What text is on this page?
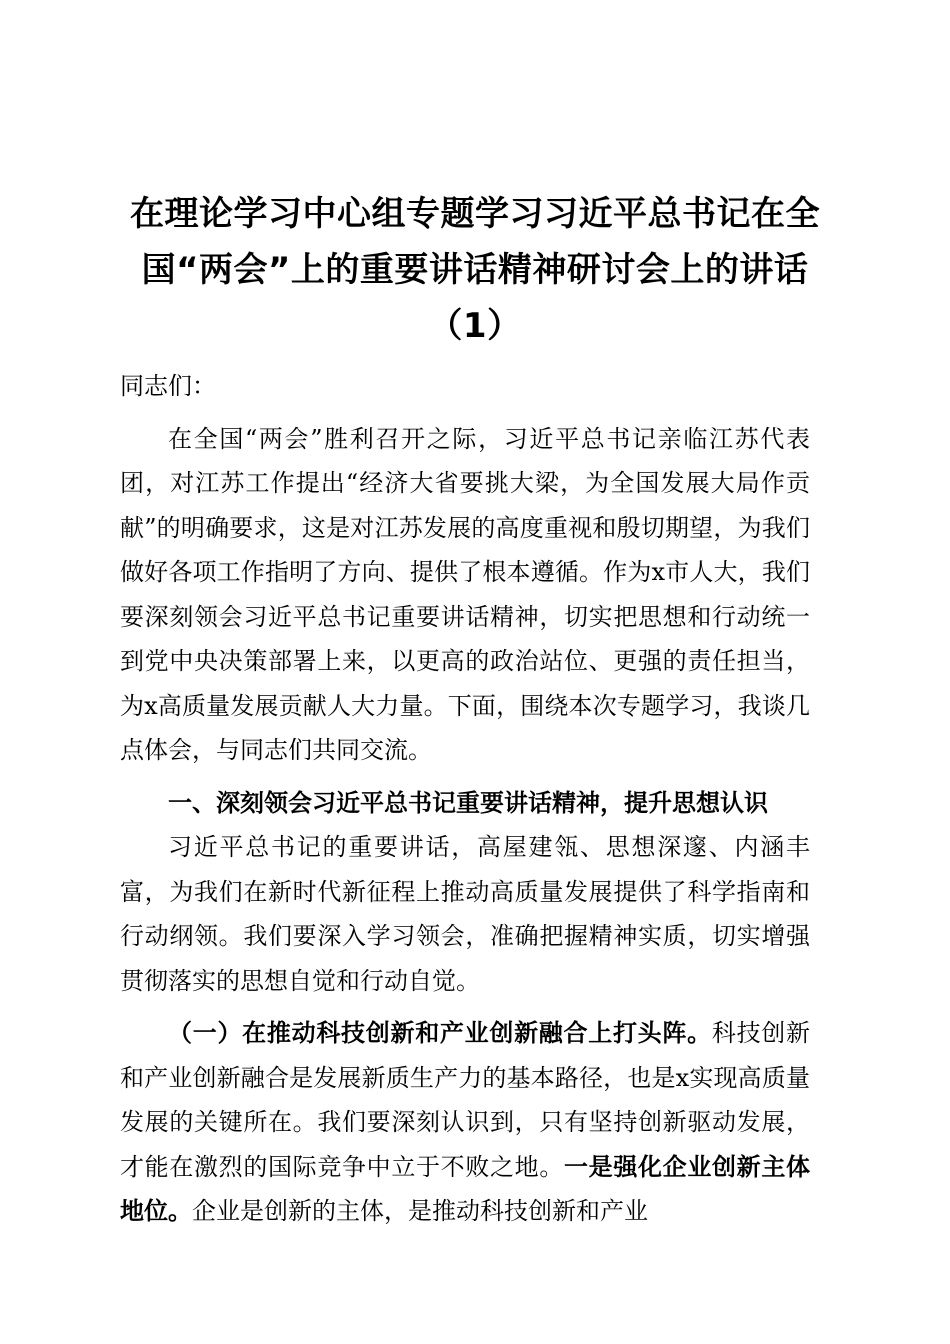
在理论学习中心组专题学习习近平总书记在全
国“两会”上的重要讲话精神研讨会上的讲话
（1）

同志们：

在全国“两会”胜利召开之际，习近平总书记亲临江苏代表团，对江苏工作提出“经济大省要挑大梁，为全国发展大局作贡献”的明确要求，这是对江苏发展的高度重视和殷切期望，为我们做好各项工作指明了方向、提供了根本遵循。作为x市人大，我们要深刻领会习近平总书记重要讲话精神，切实把思想和行动统一到党中央决策部署上来，以更高的政治站位、更强的责任担当，为x高质量发展贡献人大力量。下面，围绕本次专题学习，我谈几点体会，与同志们共同交流。

一、深刻领会习近平总书记重要讲话精神，提升思想认识

习近平总书记的重要讲话，高屋建瓴、思想深邃、内涵丰富，为我们在新时代新征程上推动高质量发展提供了科学指南和行动纲领。我们要深入学习领会，准确把握精神实质，切实增强贯彻落实的思想自觉和行动自觉。

（一）在推动科技创新和产业创新融合上打头阵。科技创新和产业创新融合是发展新质生产力的基本路径，也是x实现高质量发展的关键所在。我们要深刻认识到，只有坚持创新驱动发展，才能在激烈的国际竞争中立于不败之地。一是强化企业创新主体地位。企业是创新的主体，是推动科技创新和产业
